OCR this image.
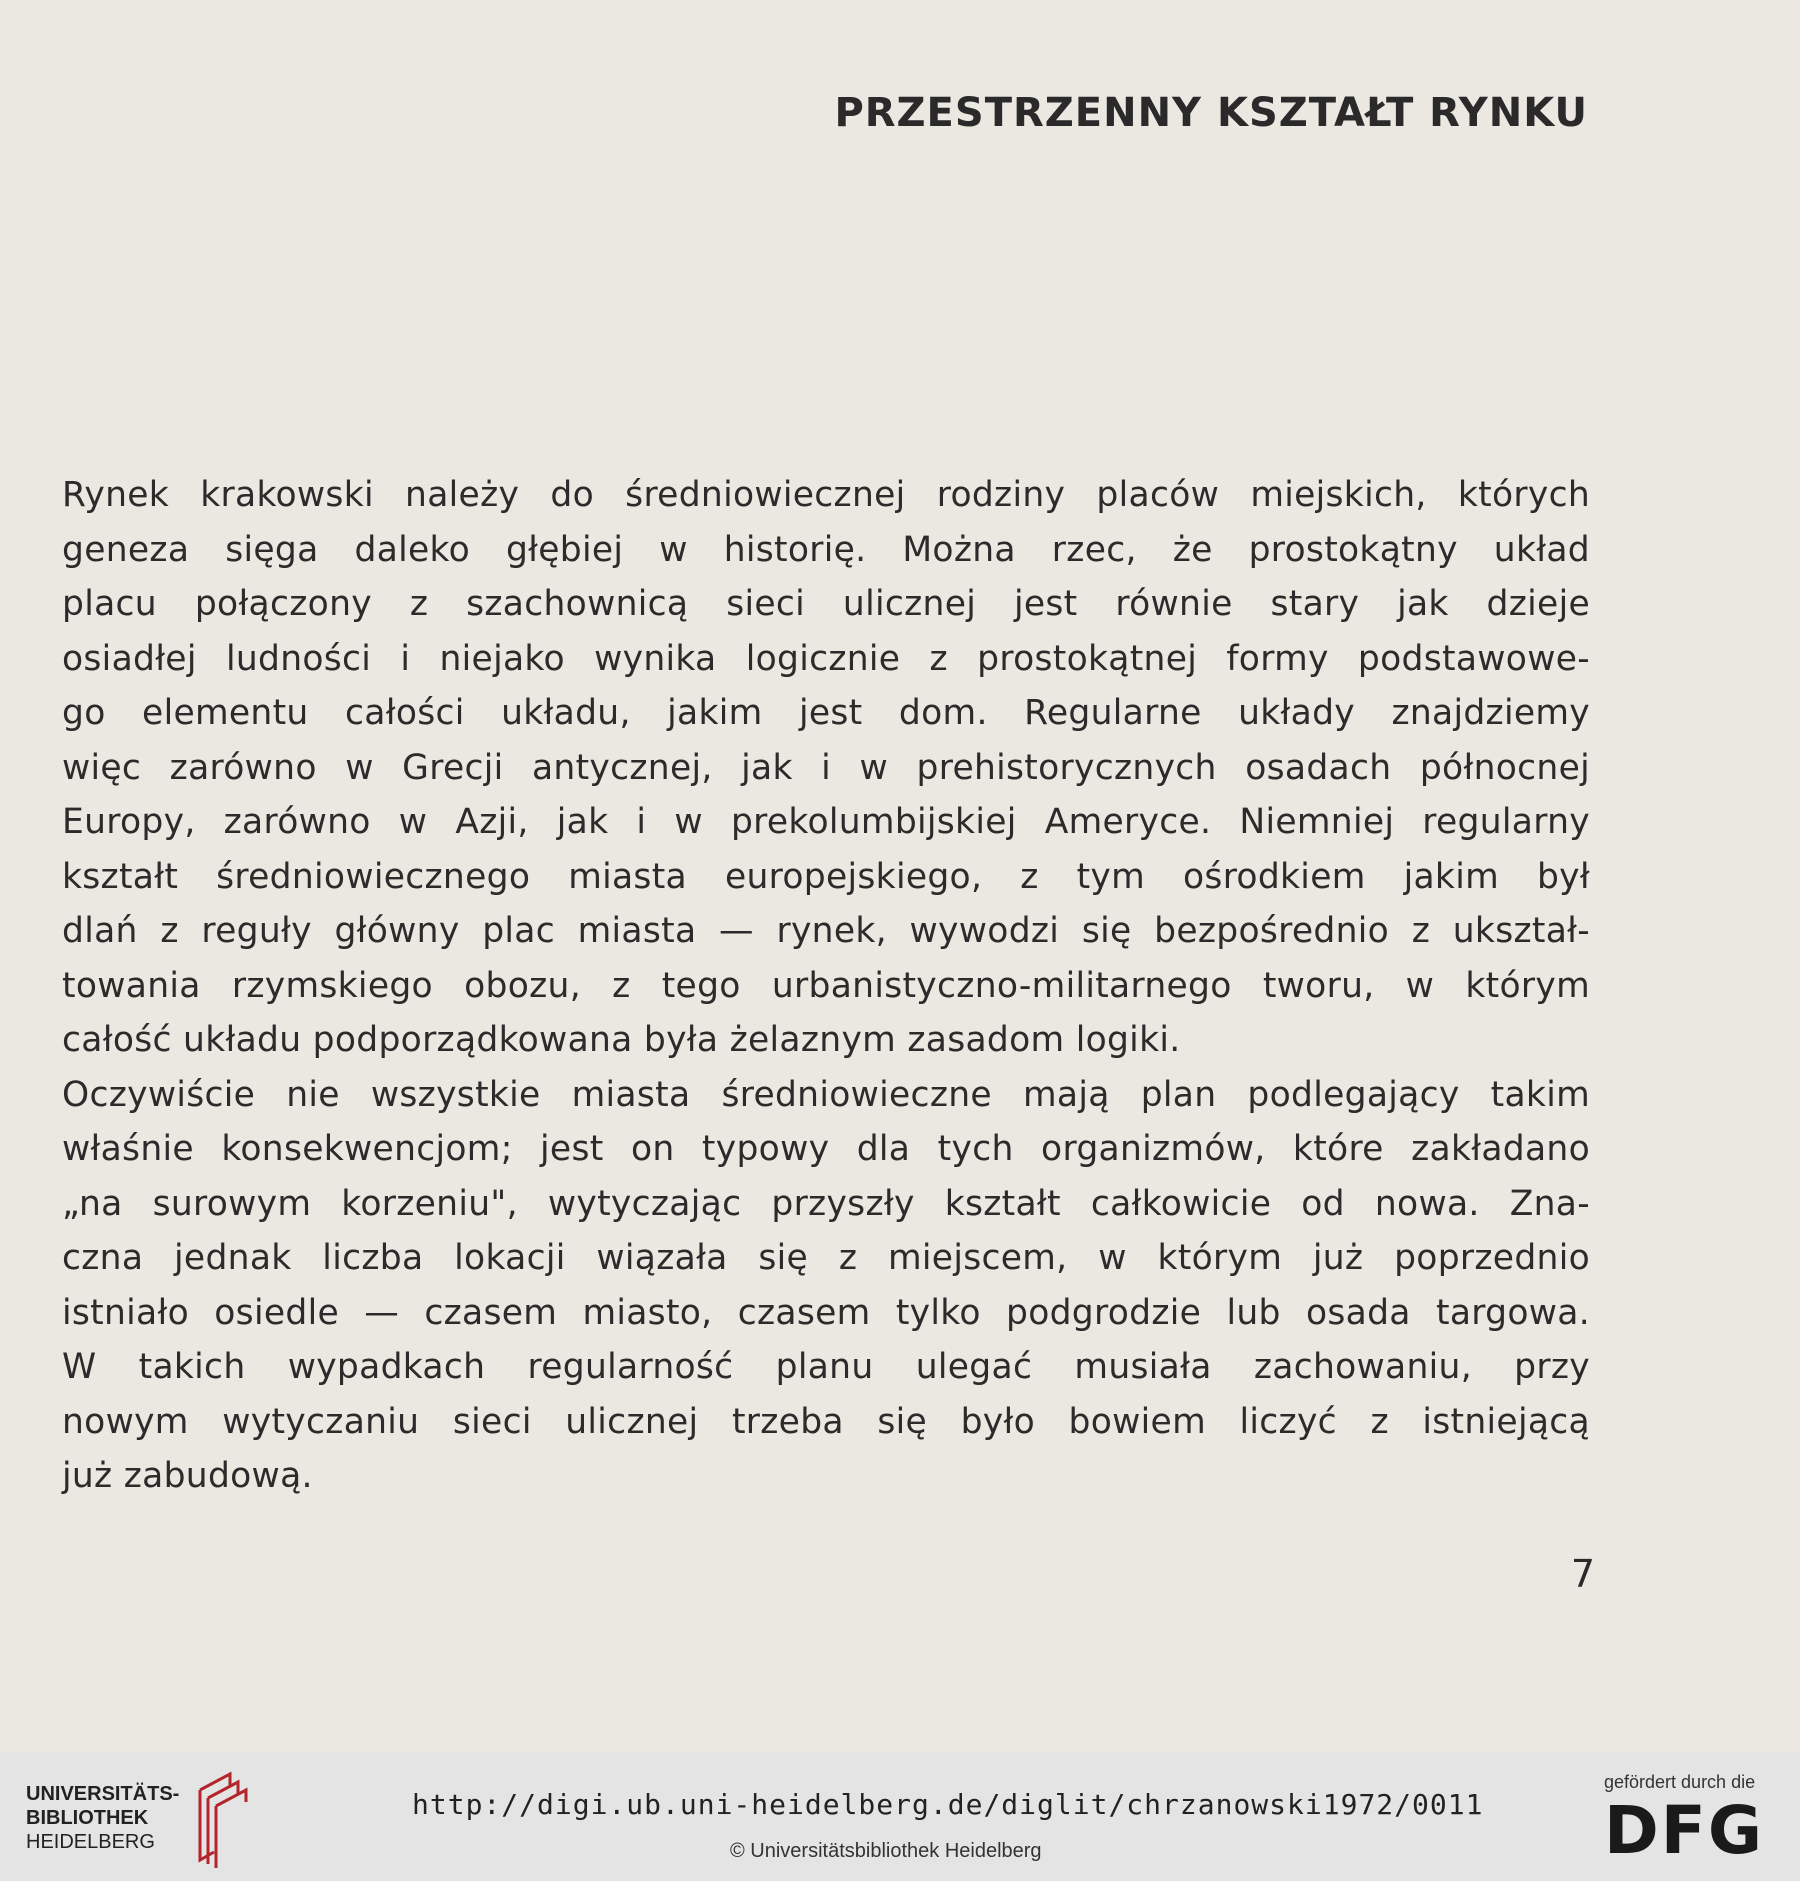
PRZESTRZENNY KSZTAŁT RYNKU
Rynek krakowski należy do średniowiecznej rodziny placów miejskich, których
geneza sięga daleko głębiej w historię. Można rzec, że prostokątny układ
placu połączony z szachownicą sieci ulicznej jest równie stary jak dzieje
osiadłej ludności i niejako wynika logicznie z prostokątnej formy podstawowe-
go elementu całości układu, jakim jest dom. Regularne układy znajdziemy
więc zarówno w Grecji antycznej, jak i w prehistorycznych osadach północnej
Europy, zarówno w Azji, jak i w prekolumbijskiej Ameryce. Niemniej regularny
kształt średniowiecznego miasta europejskiego, z tym ośrodkiem jakim był
dlań z reguły główny plac miasta — rynek, wywodzi się bezpośrednio z ukształ-
towania rzymskiego obozu, z tego urbanistyczno-militarnego tworu, w którym
całość układu podporządkowana była żelaznym zasadom logiki.
Oczywiście nie wszystkie miasta średniowieczne mają plan podlegający takim
właśnie konsekwencjom; jest on typowy dla tych organizmów, które zakładano
„na surowym korzeniu", wytyczając przyszły kształt całkowicie od nowa. Zna-
czna jednak liczba lokacji wiązała się z miejscem, w którym już poprzednio
istniało osiedle — czasem miasto, czasem tylko podgrodzie lub osada targowa.
W takich wypadkach regularność planu ulegać musiała zachowaniu, przy
nowym wytyczaniu sieci ulicznej trzeba się było bowiem liczyć z istniejącą
już zabudową.
7
UNIVERSITÄTS-
BIBLIOTHEK
HEIDELBERG
http://digi.ub.uni-heidelberg.de/diglit/chrzanowski1972/0011
© Universitätsbibliothek Heidelberg
gefördert durch die
DFG
